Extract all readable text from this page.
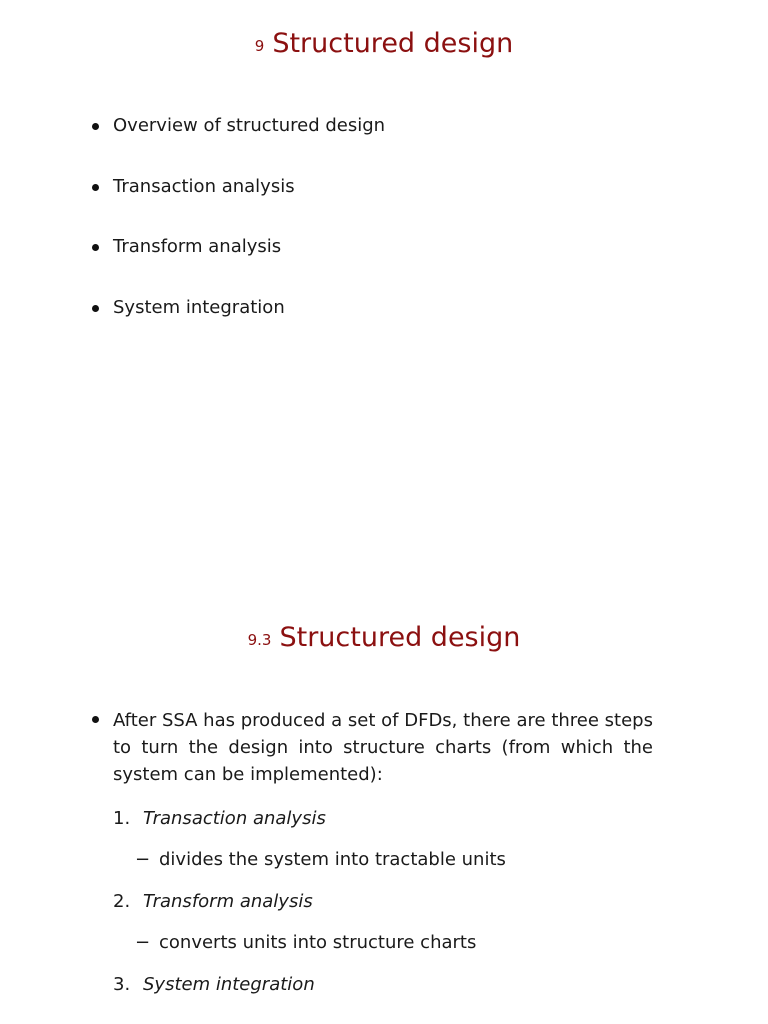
9 Structured design
Overview of structured design
Transaction analysis
Transform analysis
System integration
9.3 Structured design
After SSA has produced a set of DFDs, there are three steps to turn the design into structure charts (from which the system can be implemented):
1. Transaction analysis
− divides the system into tractable units
2. Transform analysis
− converts units into structure charts
3. System integration
